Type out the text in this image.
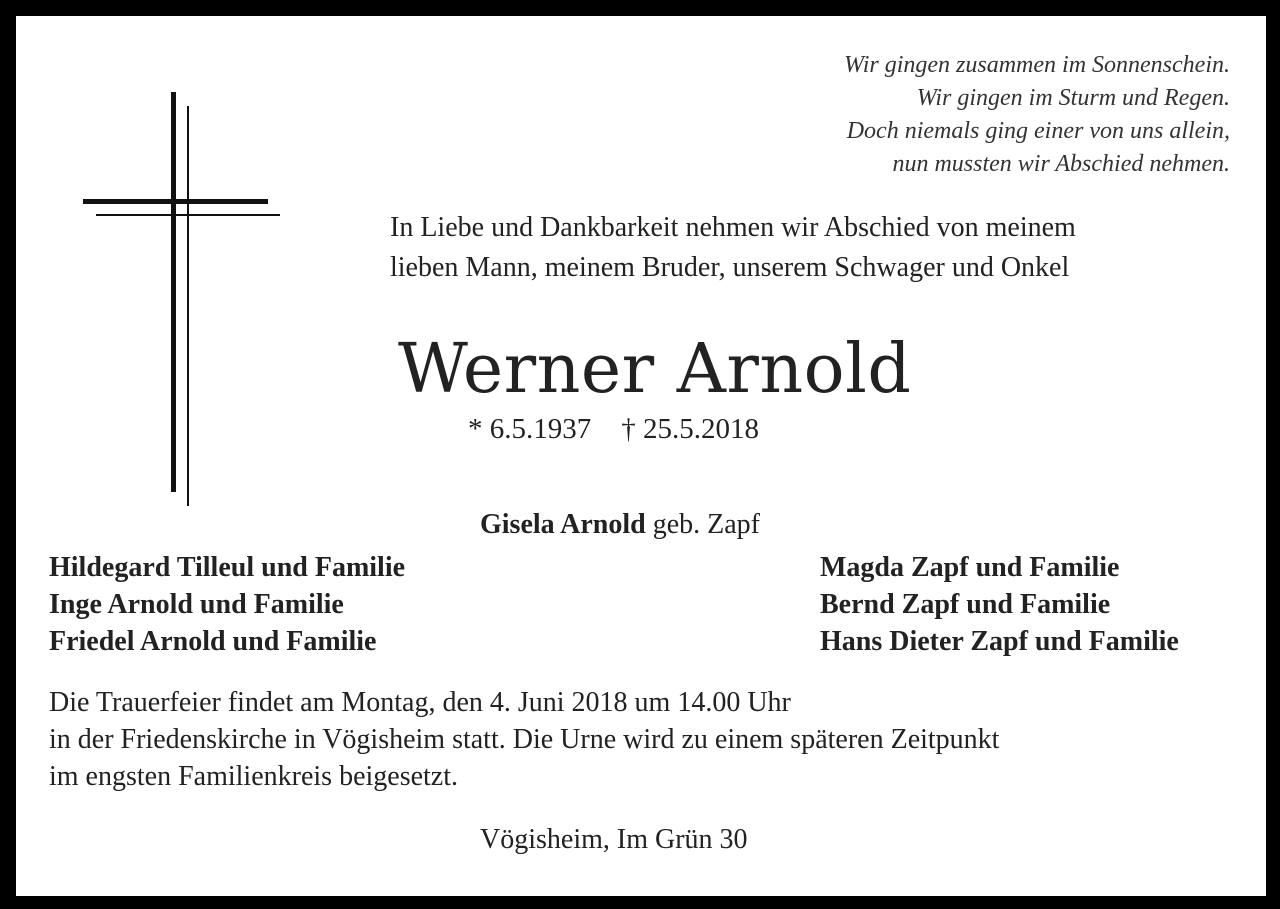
Wir gingen zusammen im Sonnenschein.
Wir gingen im Sturm und Regen.
Doch niemals ging einer von uns allein,
nun mussten wir Abschied nehmen.
In Liebe und Dankbarkeit nehmen wir Abschied von meinem
lieben Mann, meinem Bruder, unserem Schwager und Onkel
Werner Arnold
* 6.5.1937 † 25.5.2018
Gisela Arnold geb. Zapf
Hildegard Tilleul und Familie
Inge Arnold und Familie
Friedel Arnold und Familie
Magda Zapf und Familie
Bernd Zapf und Familie
Hans Dieter Zapf und Familie
Die Trauerfeier findet am Montag, den 4. Juni 2018 um 14.00 Uhr
in der Friedenskirche in Vögisheim statt. Die Urne wird zu einem späteren Zeitpunkt
im engsten Familienkreis beigesetzt.
Vögisheim, Im Grün 30
